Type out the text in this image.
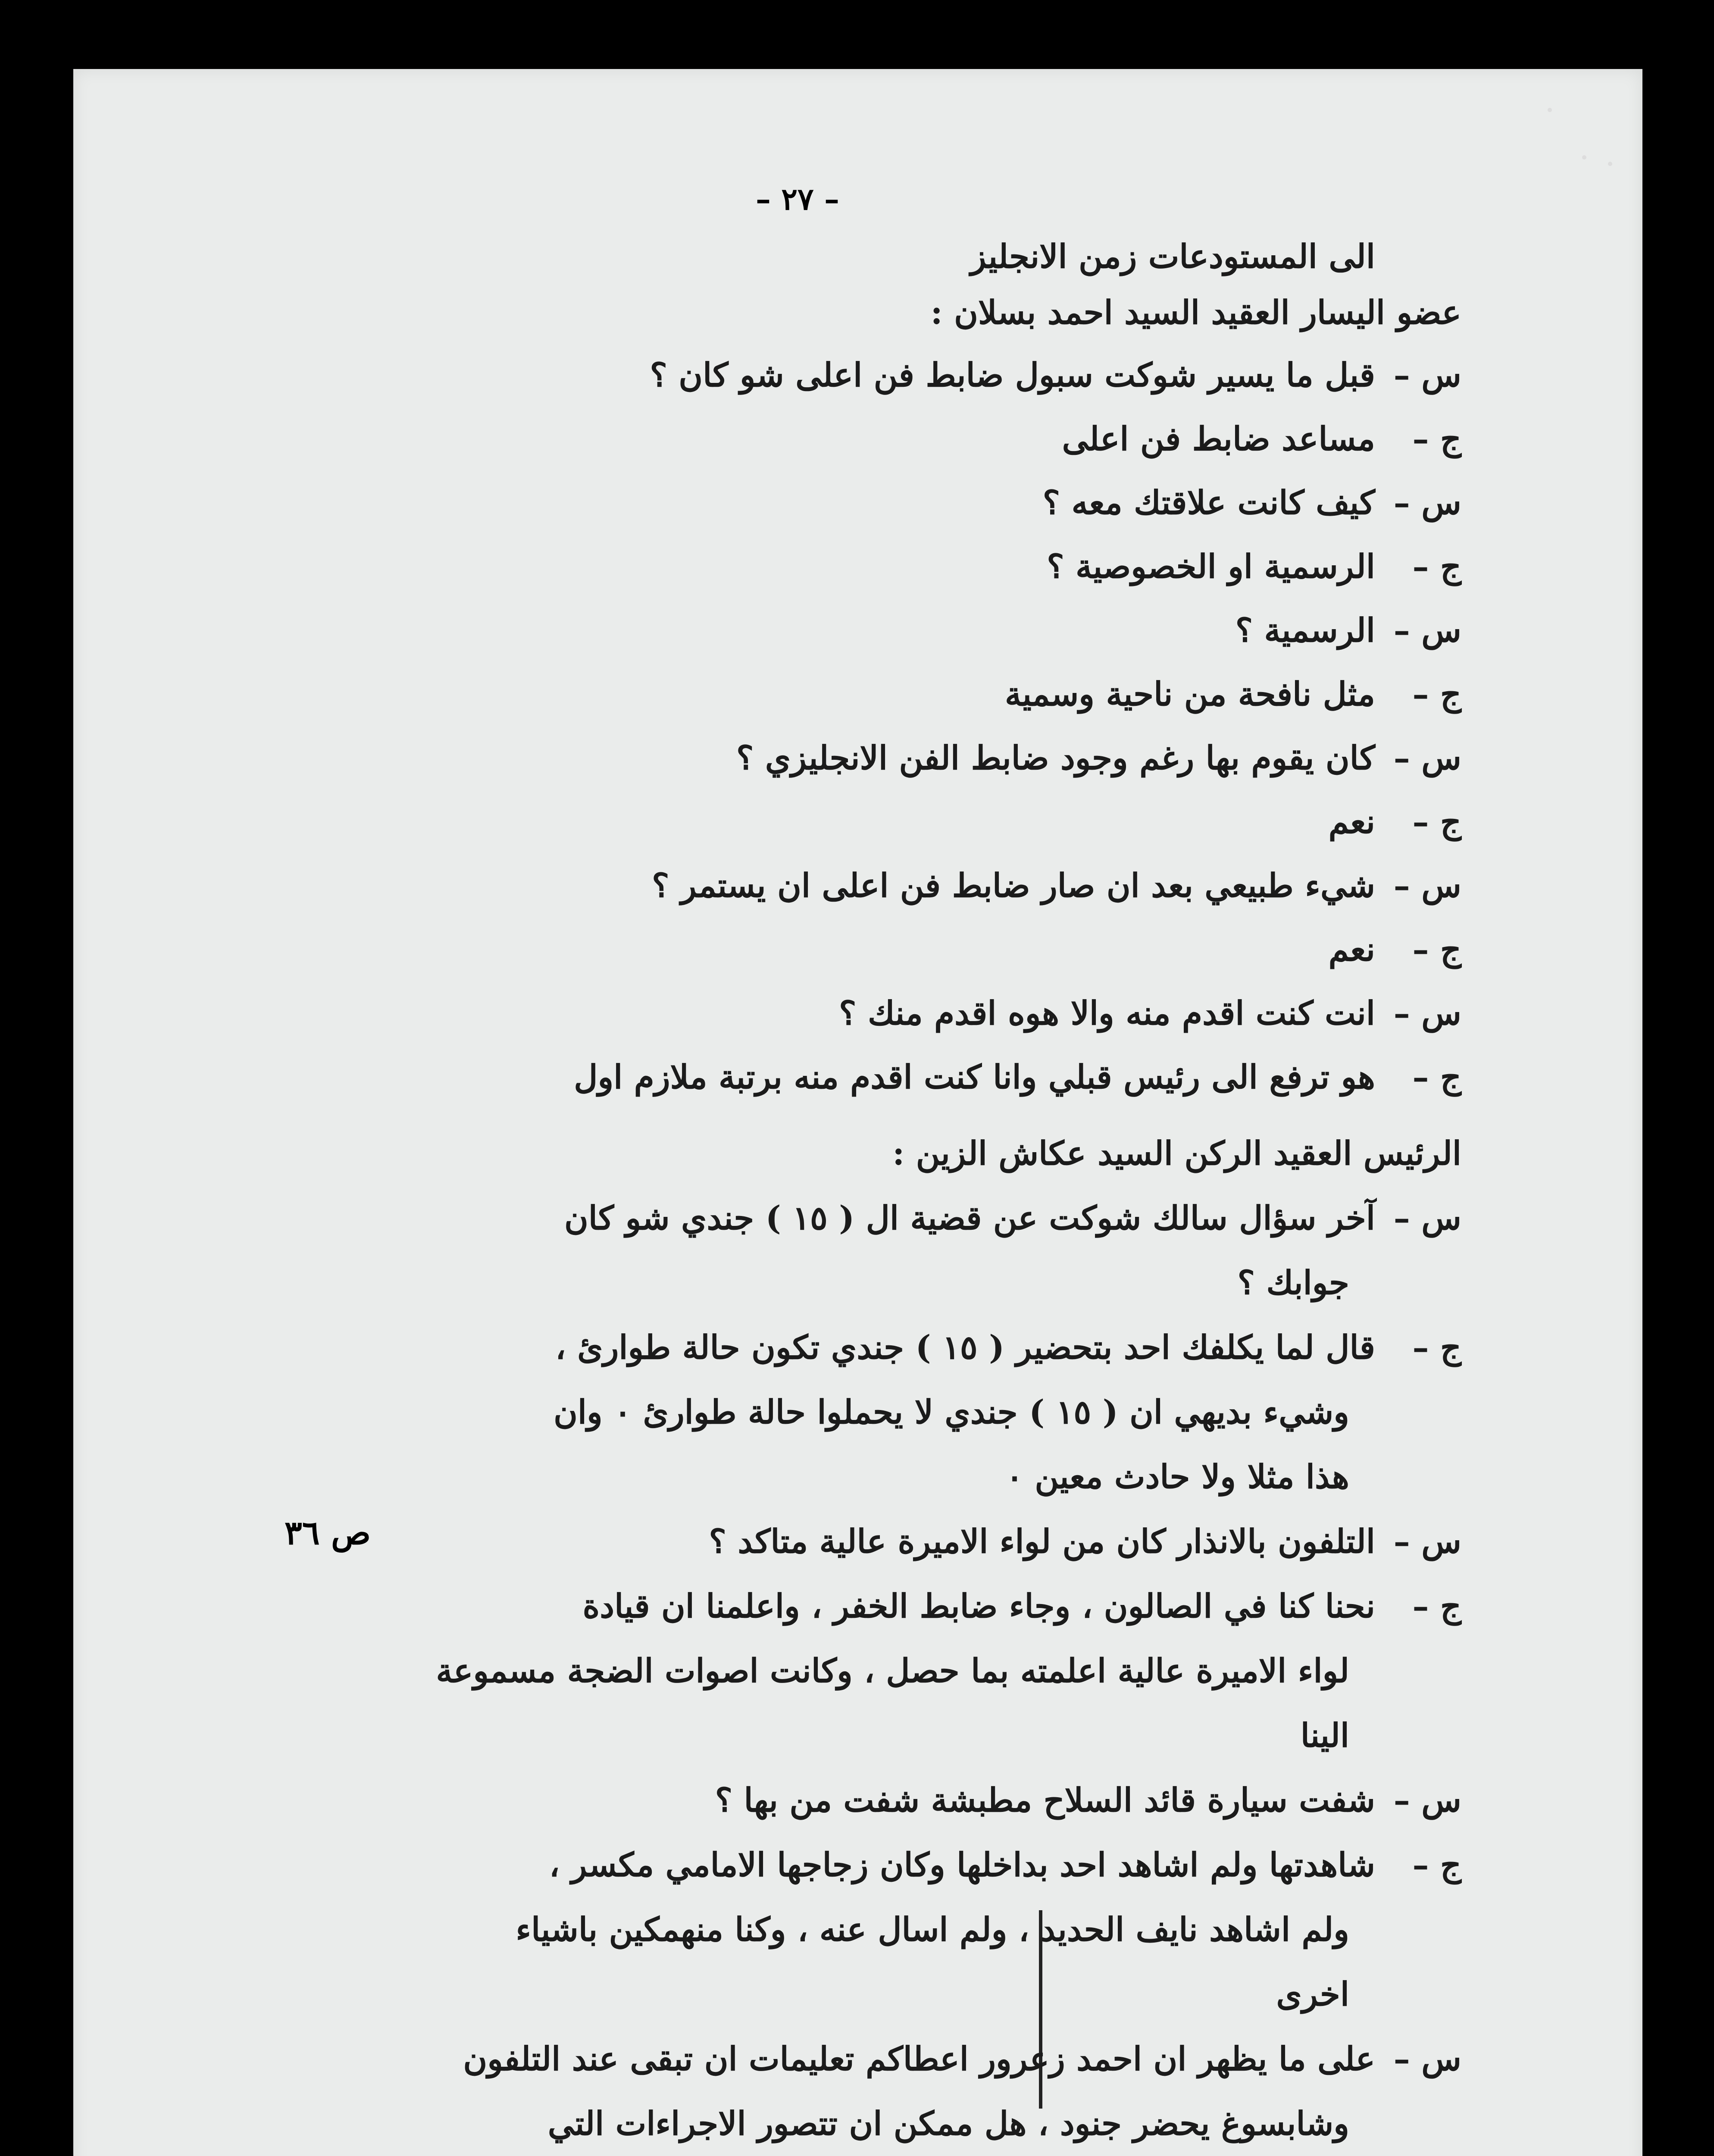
– ٢٧ –
ص ٣٦
الى المستودعات زمن الانجليز
عضو اليسار العقيد السيد احمد بسلان :
الرئيس العقيد الركن السيد عكاش الزين :
س –قبل ما يسير شوكت سبول ضابط فن اعلى شو كان ؟
ج –مساعد ضابط فن اعلى
س –كيف كانت علاقتك معه ؟
ج –الرسمية او الخصوصية ؟
س –الرسمية ؟
ج –مثل نافحة من ناحية وسمية
س –كان يقوم بها رغم وجود ضابط الفن الانجليزي ؟
ج –نعم
س –شيء طبيعي بعد ان صار ضابط فن اعلى ان يستمر ؟
ج –نعم
س –انت كنت اقدم منه والا هوه اقدم منك ؟
ج –هو ترفع الى رئيس قبلي وانا كنت اقدم منه برتبة ملازم اول
س –آخر سؤال سالك شوكت عن قضية ال ( ١٥ ) جندي شو كان
جوابك ؟
ج –قال لما يكلفك احد بتحضير ( ١٥ ) جندي تكون حالة طوارئ ،
وشيء بديهي ان ( ١٥ ) جندي لا يحملوا حالة طوارئ ٠ وان
هذا مثلا ولا حادث معين ٠
س –التلفون بالانذار كان من لواء الاميرة عالية متاكد ؟
ج –نحنا كنا في الصالون ، وجاء ضابط الخفر ، واعلمنا ان قيادة
لواء الاميرة عالية اعلمته بما حصل ، وكانت اصوات الضجة مسموعة
الينا
س –شفت سيارة قائد السلاح مطبشة شفت من بها ؟
ج –شاهدتها ولم اشاهد احد بداخلها وكان زجاجها الامامي مكسر ،
ولم اشاهد نايف الحديد ، ولم اسال عنه ، وكنا منهمكين باشياء
اخرى
س –على ما يظهر ان احمد زعرور اعطاكم تعليمات ان تبقى عند التلفون
وشابسوغ يحضر جنود ، هل ممكن ان تتصور الاجراءات التي
